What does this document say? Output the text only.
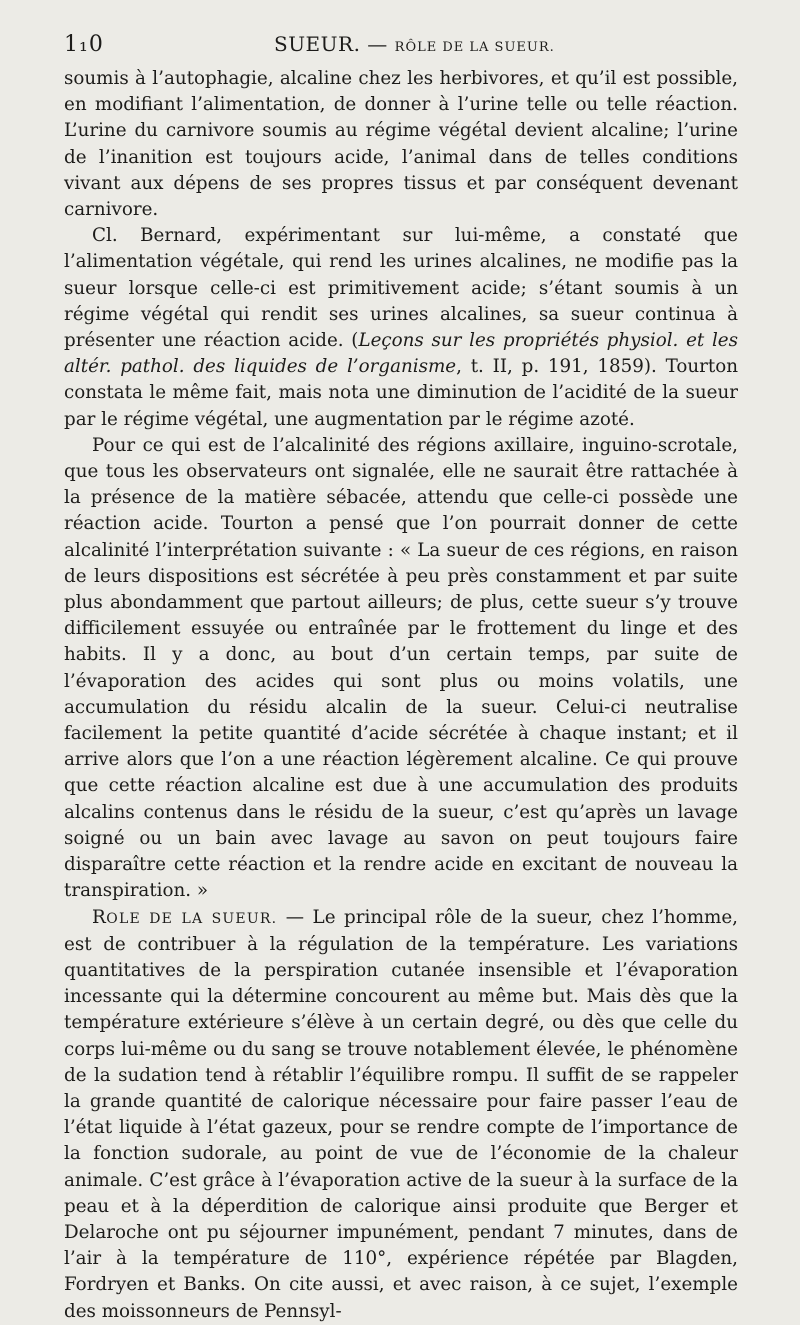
1₁0	SUEUR. — RÔLE DE LA SUEUR.

soumis à l’autophagie, alcaline chez les herbivores, et qu’il est possible, en modifiant l’alimentation, de donner à l’urine telle ou telle réaction. L’urine du carnivore soumis au régime végétal devient alcaline; l’urine de l’inanition est toujours acide, l’animal dans de telles conditions vivant aux dépens de ses propres tissus et par conséquent devenant carnivore.

Cl. Bernard, expérimentant sur lui-même, a constaté que l’alimentation végétale, qui rend les urines alcalines, ne modifie pas la sueur lorsque celle-ci est primitivement acide; s’étant soumis à un régime végétal qui rendit ses urines alcalines, sa sueur continua à présenter une réaction acide. (Leçons sur les propriétés physiol. et les altér. pathol. des liquides de l’organisme, t. II, p. 191, 1859). Tourton constata le même fait, mais nota une diminution de l’acidité de la sueur par le régime végétal, une augmentation par le régime azoté.

Pour ce qui est de l’alcalinité des régions axillaire, inguino-scrotale, que tous les observateurs ont signalée, elle ne saurait être rattachée à la présence de la matière sébacée, attendu que celle-ci possède une réaction acide. Tourton a pensé que l’on pourrait donner de cette alcalinité l’interprétation suivante : « La sueur de ces régions, en raison de leurs dispositions est sécrétée à peu près constamment et par suite plus abondamment que partout ailleurs; de plus, cette sueur s’y trouve difficilement essuyée ou entraînée par le frottement du linge et des habits. Il y a donc, au bout d’un certain temps, par suite de l’évaporation des acides qui sont plus ou moins volatils, une accumulation du résidu alcalin de la sueur. Celui-ci neutralise facilement la petite quantité d’acide sécrétée à chaque instant; et il arrive alors que l’on a une réaction légèrement alcaline. Ce qui prouve que cette réaction alcaline est due à une accumulation des produits alcalins contenus dans le résidu de la sueur, c’est qu’après un lavage soigné ou un bain avec lavage au savon on peut toujours faire disparaître cette réaction et la rendre acide en excitant de nouveau la transpiration. »

ROLE DE LA SUEUR. — Le principal rôle de la sueur, chez l’homme, est de contribuer à la régulation de la température. Les variations quantitatives de la perspiration cutanée insensible et l’évaporation incessante qui la détermine concourent au même but. Mais dès que la température extérieure s’élève à un certain degré, ou dès que celle du corps lui-même ou du sang se trouve notablement élevée, le phénomène de la sudation tend à rétablir l’équilibre rompu. Il suffit de se rappeler la grande quantité de calorique nécessaire pour faire passer l’eau de l’état liquide à l’état gazeux, pour se rendre compte de l’importance de la fonction sudorale, au point de vue de l’économie de la chaleur animale. C’est grâce à l’évaporation active de la sueur à la surface de la peau et à la déperdition de calorique ainsi produite que Berger et Delaroche ont pu séjourner impunément, pendant 7 minutes, dans de l’air à la température de 110°, expérience répétée par Blagden, Fordryen et Banks. On cite aussi, et avec raison, à ce sujet, l’exemple des moissonneurs de Pennsyl-
